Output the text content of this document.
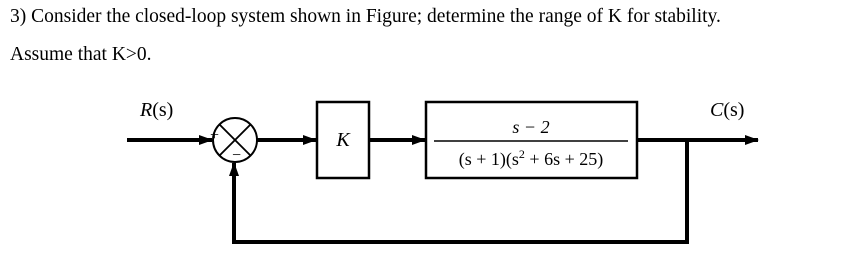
3) Consider the closed-loop system shown in Figure; determine the range of K for stability.
Assume that K>0.
R(s)
+
−
K
s − 2
$(s + 1)(s^2 + 6s + 25)$
C(s)
